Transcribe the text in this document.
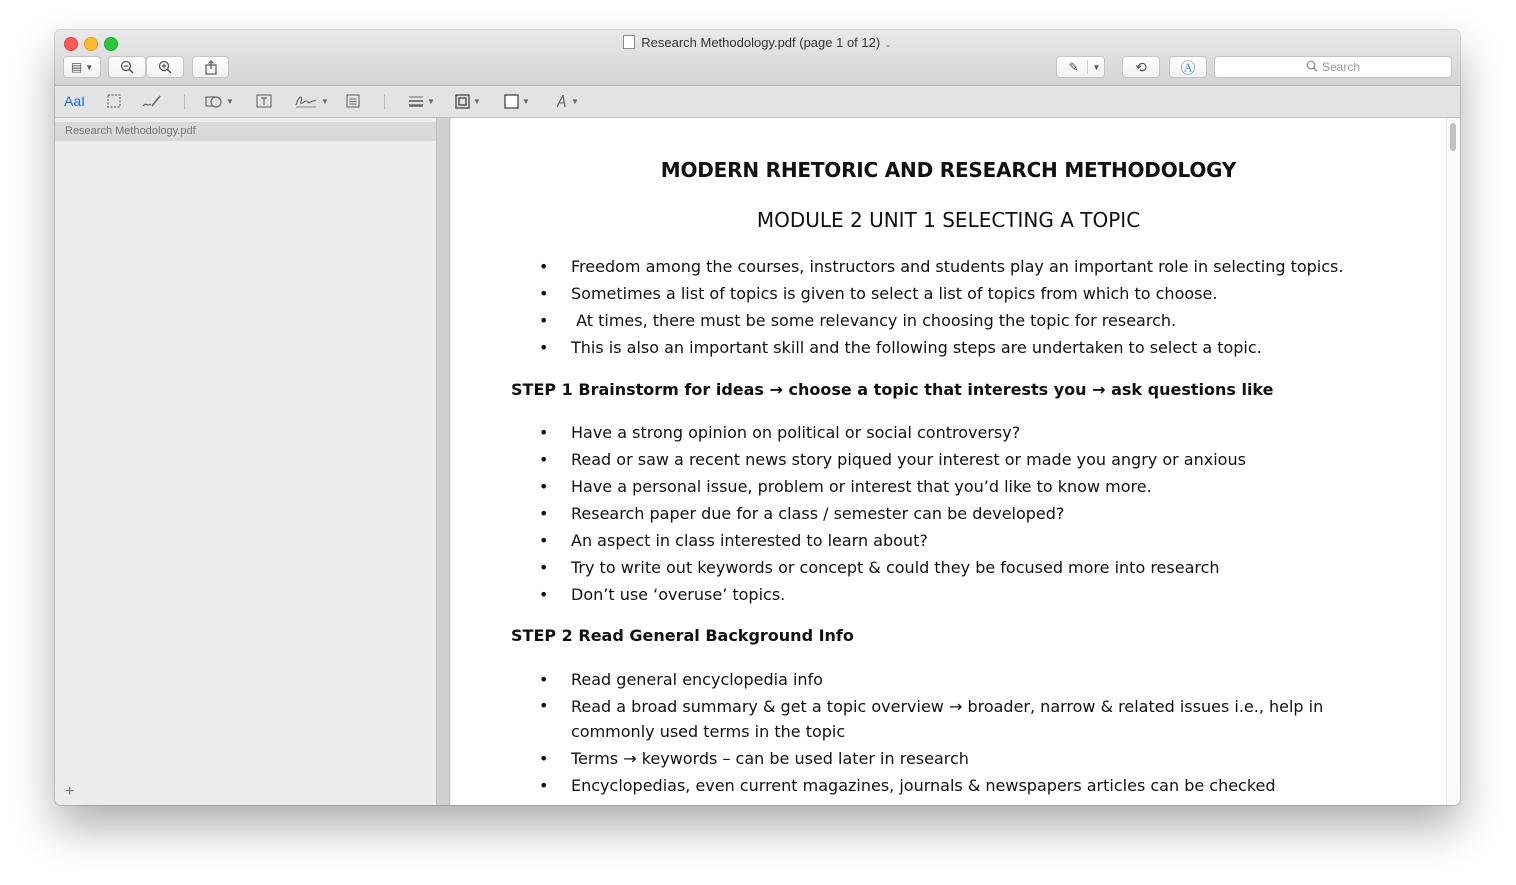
Research Methodology.pdf (page 1 of 12) ⌄
▤ ▼	✎	▼ ⟲ Ⓐ	Search
AaI	▼	▼	▼	▼	▼	▼
Research Methodology.pdf
+
MODERN RHETORIC AND RESEARCH METHODOLOGY
MODULE 2 UNIT 1 SELECTING A TOPIC
• Freedom among the courses, instructors and students play an important role in selecting topics.
• Sometimes a list of topics is given to select a list of topics from which to choose.
•  At times, there must be some relevancy in choosing the topic for research.
• This is also an important skill and the following steps are undertaken to select a topic.
STEP 1 Brainstorm for ideas → choose a topic that interests you → ask questions like
• Have a strong opinion on political or social controversy?
• Read or saw a recent news story piqued your interest or made you angry or anxious
• Have a personal issue, problem or interest that you’d like to know more.
• Research paper due for a class / semester can be developed?
• An aspect in class interested to learn about?
• Try to write out keywords or concept & could they be focused more into research
• Don’t use ‘overuse’ topics.
STEP 2 Read General Background Info
• Read general encyclopedia info
• Read a broad summary & get a topic overview → broader, narrow & related issues i.e., help in commonly used terms in the topic
• Terms → keywords – can be used later in research
• Encyclopedias, even current magazines, journals & newspapers articles can be checked
